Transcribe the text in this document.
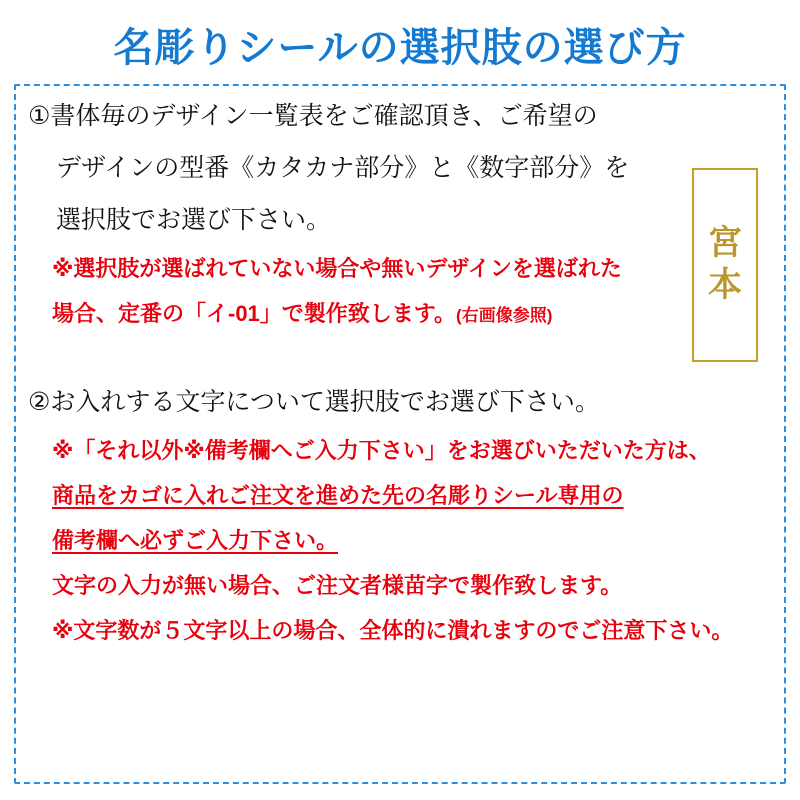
名彫りシールの選択肢の選び方
①書体毎のデザイン一覧表をご確認頂き、ご希望の
デザインの型番《カタカナ部分》と《数字部分》を
選択肢でお選び下さい。
※選択肢が選ばれていない場合や無いデザインを選ばれた
場合、定番の「イ-01」で製作致します。(右画像参照)
②お入れする文字について選択肢でお選び下さい。
※「それ以外※備考欄へご入力下さい」をお選びいただいた方は、
商品をカゴに入れご注文を進めた先の名彫りシール専用の
備考欄へ必ずご入力下さい。
文字の入力が無い場合、ご注文者様苗字で製作致します。
※文字数が５文字以上の場合、全体的に潰れますのでご注意下さい。
宮
本
